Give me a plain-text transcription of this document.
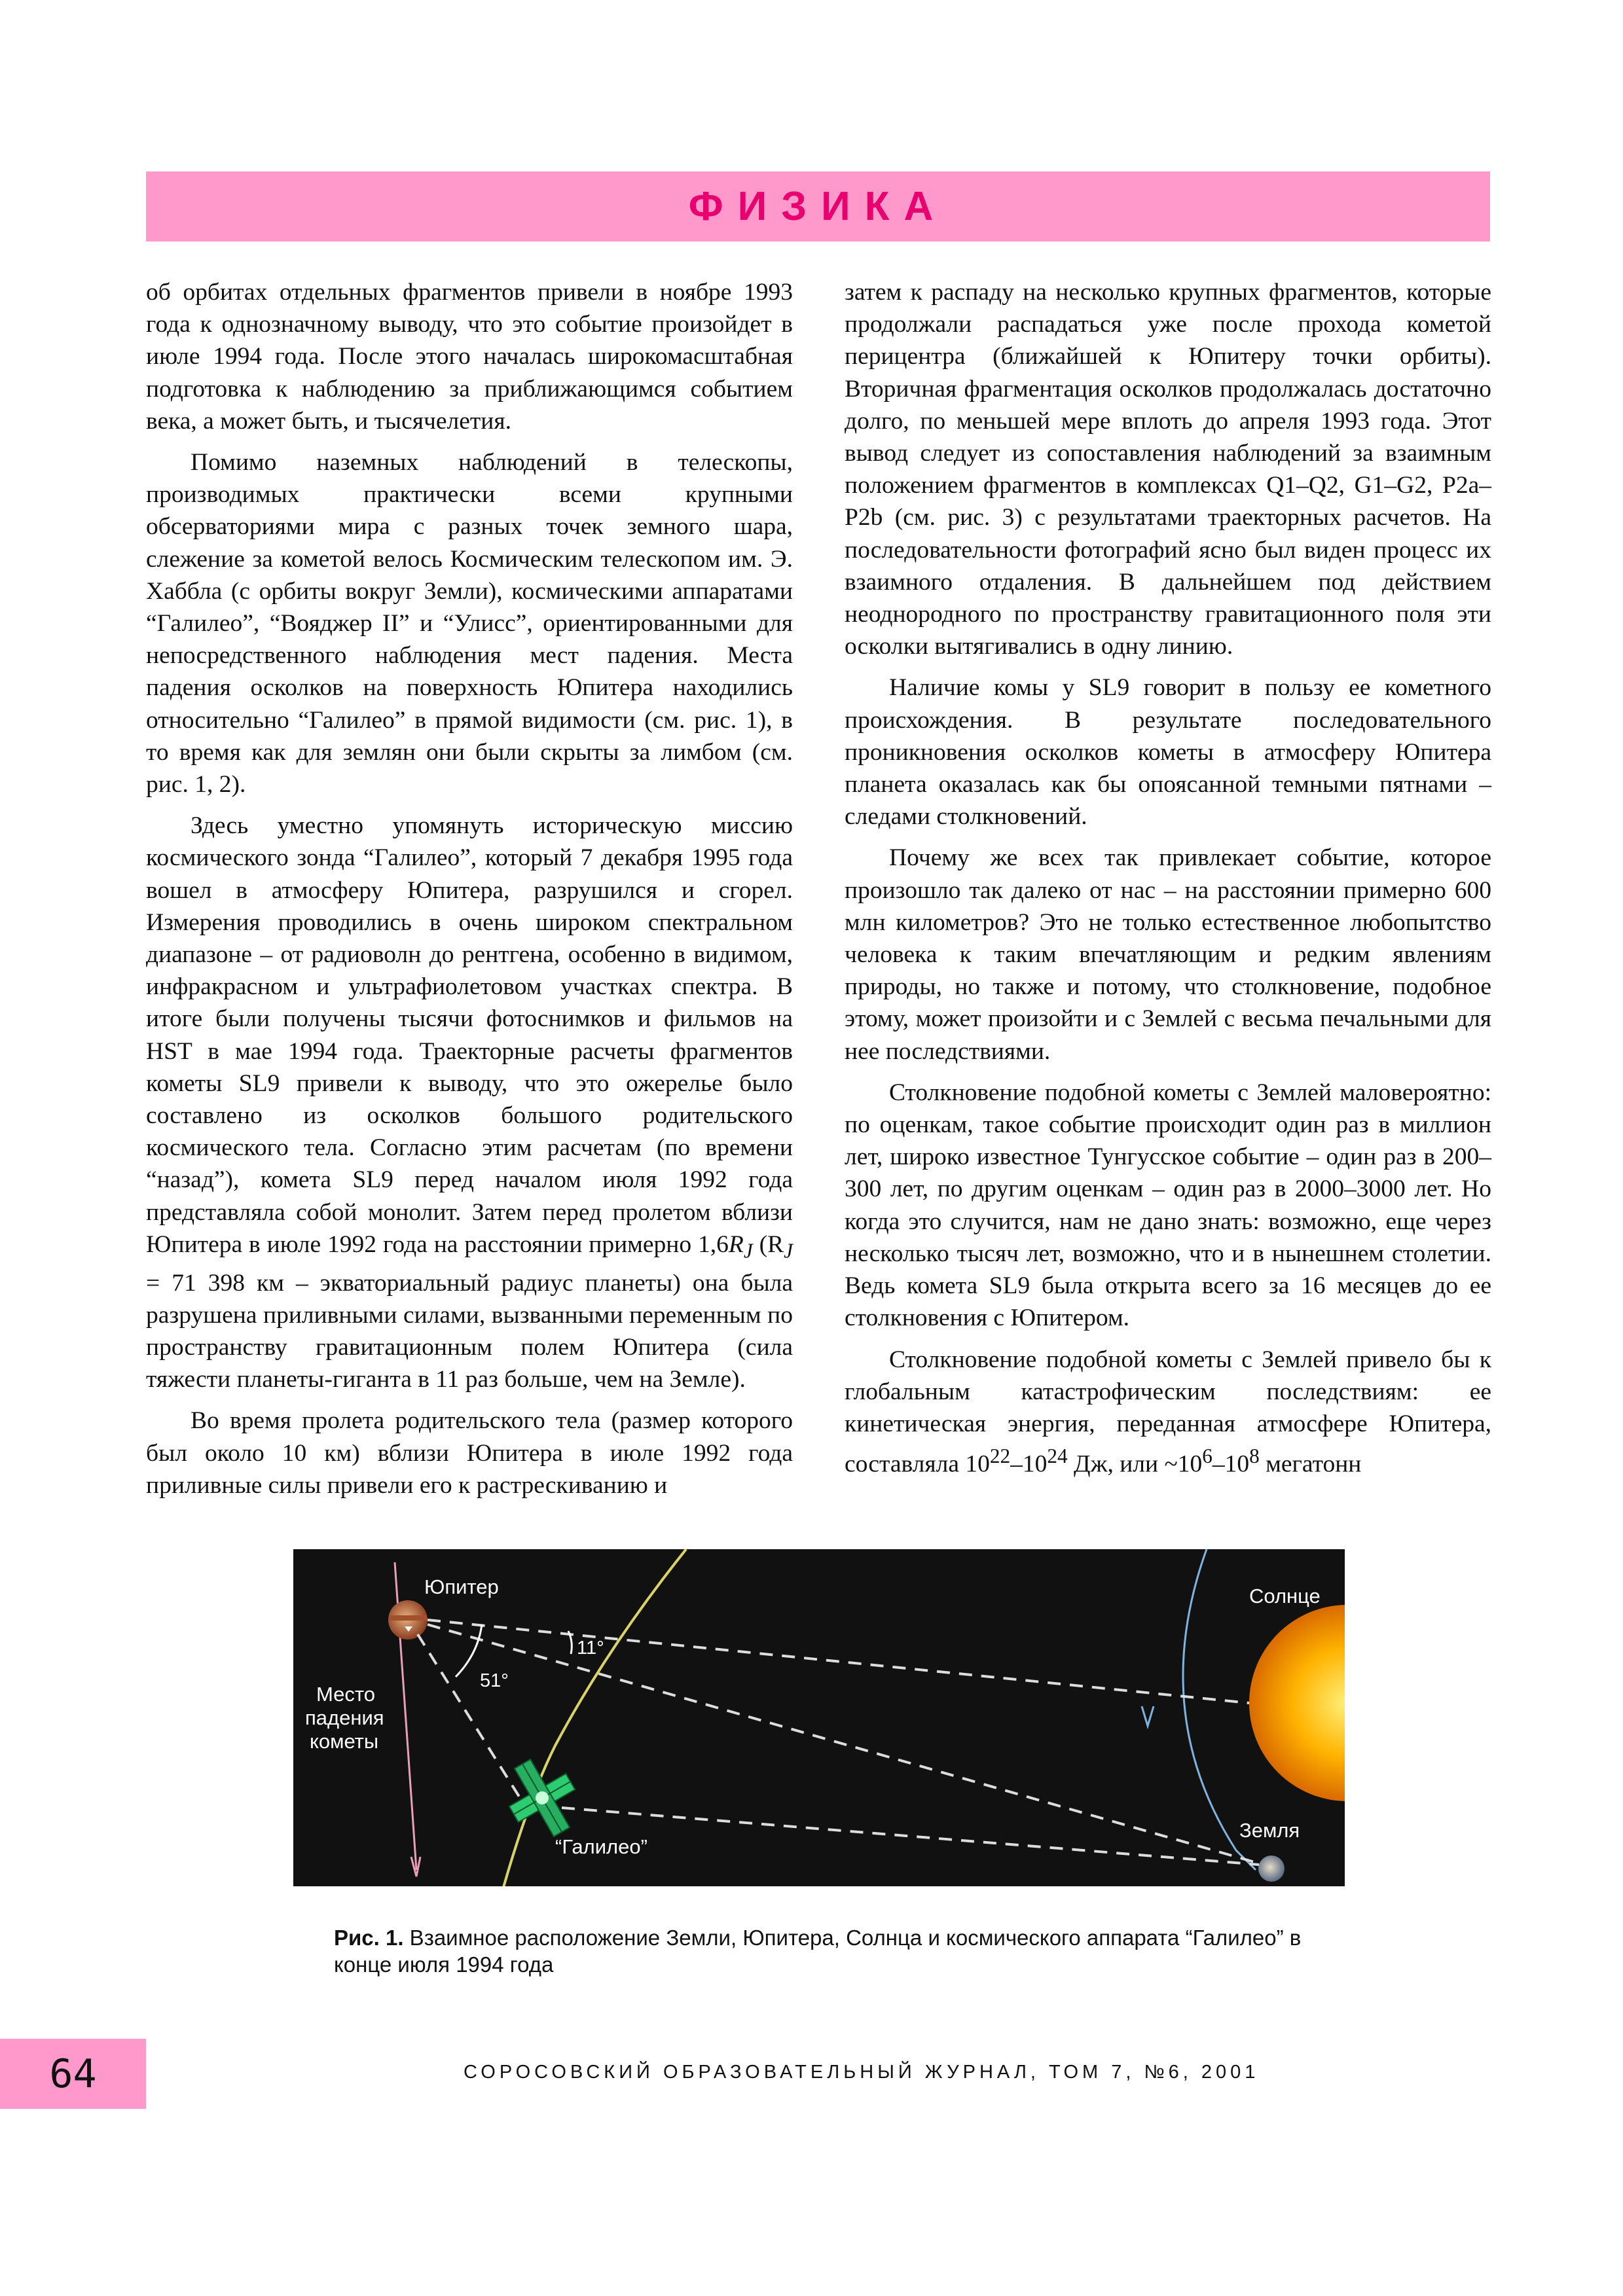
ФИЗИКА

об орбитах отдельных фрагментов привели в ноябре 1993 года к однозначному выводу, что это событие произойдет в июле 1994 года. После этого началась широкомасштабная подготовка к наблюдению за приближающимся событием века, а может быть, и тысячелетия.

Помимо наземных наблюдений в телескопы, производимых практически всеми крупными обсерваториями мира с разных точек земного шара, слежение за кометой велось Космическим телескопом им. Э. Хаббла (с орбиты вокруг Земли), космическими аппаратами “Галилео”, “Вояджер II” и “Улисс”, ориентированными для непосредственного наблюдения мест падения. Места падения осколков на поверхность Юпитера находились относительно “Галилео” в прямой видимости (см. рис. 1), в то время как для землян они были скрыты за лимбом (см. рис. 1, 2).

Здесь уместно упомянуть историческую миссию космического зонда “Галилео”, который 7 декабря 1995 года вошел в атмосферу Юпитера, разрушился и сгорел. Измерения проводились в очень широком спектральном диапазоне – от радиоволн до рентгена, особенно в видимом, инфракрасном и ультрафиолетовом участках спектра. В итоге были получены тысячи фотоснимков и фильмов на HST в мае 1994 года. Траекторные расчеты фрагментов кометы SL9 привели к выводу, что это ожерелье было составлено из осколков большого родительского космического тела. Согласно этим расчетам (по времени “назад”), комета SL9 перед началом июля 1992 года представляла собой монолит. Затем перед пролетом вблизи Юпитера в июле 1992 года на расстоянии примерно $1,6R_J$ ($R_J = 71$ 398 км – экваториальный радиус планеты) она была разрушена приливными силами, вызванными переменным по пространству гравитационным полем Юпитера (сила тяжести планеты-гиганта в 11 раз больше, чем на Земле).

Во время пролета родительского тела (размер которого был около 10 км) вблизи Юпитера в июле 1992 года приливные силы привели его к растрескиванию и

затем к распаду на несколько крупных фрагментов, которые продолжали распадаться уже после прохода кометой перицентра (ближайшей к Юпитеру точки орбиты). Вторичная фрагментация осколков продолжалась достаточно долго, по меньшей мере вплоть до апреля 1993 года. Этот вывод следует из сопоставления наблюдений за взаимным положением фрагментов в комплексах Q1–Q2, G1–G2, P2a–P2b (см. рис. 3) с результатами траекторных расчетов. На последовательности фотографий ясно был виден процесс их взаимного отдаления. В дальнейшем под действием неоднородного по пространству гравитационного поля эти осколки вытягивались в одну линию.

Наличие комы у SL9 говорит в пользу ее кометного происхождения. В результате последовательного проникновения осколков кометы в атмосферу Юпитера планета оказалась как бы опоясанной темными пятнами – следами столкновений.

Почему же всех так привлекает событие, которое произошло так далеко от нас – на расстоянии примерно 600 млн километров? Это не только естественное любопытство человека к таким впечатляющим и редким явлениям природы, но также и потому, что столкновение, подобное этому, может произойти и с Землей с весьма печальными для нее последствиями.

Столкновение подобной кометы с Землей маловероятно: по оценкам, такое событие происходит один раз в миллион лет, широко известное Тунгусское событие – один раз в 200–300 лет, по другим оценкам – один раз в 2000–3000 лет. Но когда это случится, нам не дано знать: возможно, еще через несколько тысяч лет, возможно, что и в нынешнем столетии. Ведь комета SL9 была открыта всего за 16 месяцев до ее столкновения с Юпитером.

Столкновение подобной кометы с Землей привело бы к глобальным катастрофическим последствиям: ее кинетическая энергия, переданная атмосфере Юпитера, составляла $10^{22}-10^{24}$ Дж, или $\sim 10^6-10^8$ мегатонн

Юпитер	Солнце
Земля
“Галилео”
Место
падения
кометы
51°
11°
Рис. 1. Взаимное расположение Земли, Юпитера, Солнца и космического аппарата “Галилео” в конце июля 1994 года
64	СОРОСОВСКИЙ ОБРАЗОВАТЕЛЬНЫЙ ЖУРНАЛ, ТОМ 7, №6, 2001
